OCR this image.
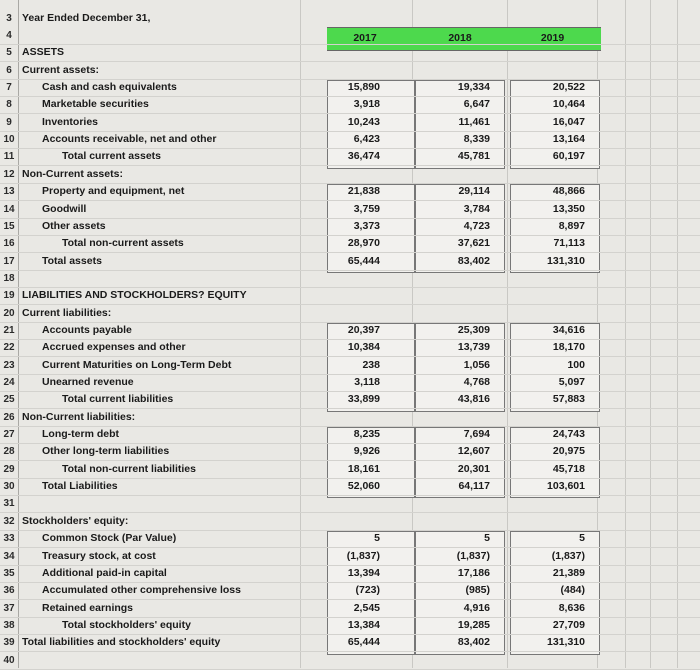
2017	2018	2019
3 Year Ended December 31,
4
5 ASSETS
6 Current assets:
7	Cash and cash equivalents	15,890	19,334	20,522
8	Marketable securities	3,918	6,647	10,464
9	Inventories	10,243	11,461	16,047
10	Accounts receivable, net and other	6,423	8,339	13,164
11	Total current assets	36,474	45,781	60,197
12 Non-Current assets:
13	Property and equipment, net	21,838	29,114	48,866
14	Goodwill	3,759	3,784	13,350
15	Other assets	3,373	4,723	8,897
16	Total non-current assets	28,970	37,621	71,113
17	Total assets	65,444	83,402	131,310
18
19 LIABILITIES AND STOCKHOLDERS? EQUITY
20 Current liabilities:
21	Accounts payable	20,397	25,309	34,616
22	Accrued expenses and other	10,384	13,739	18,170
23	Current Maturities on Long-Term Debt	238	1,056	100
24	Unearned revenue	3,118	4,768	5,097
25	Total current liabilities	33,899	43,816	57,883
26 Non-Current liabilities:
27	Long-term debt	8,235	7,694	24,743
28	Other long-term liabilities	9,926	12,607	20,975
29	Total non-current liabilities	18,161	20,301	45,718
30	Total Liabilities	52,060	64,117	103,601
31
32 Stockholders' equity:
33	Common Stock (Par Value)	5	5	5
34	Treasury stock, at cost	(1,837)	(1,837)	(1,837)
35	Additional paid-in capital	13,394	17,186	21,389
36	Accumulated other comprehensive loss	(723)	(985)	(484)
37	Retained earnings	2,545	4,916	8,636
38	Total stockholders' equity	13,384	19,285	27,709
39 Total liabilities and stockholders' equity	65,444	83,402	131,310
40
